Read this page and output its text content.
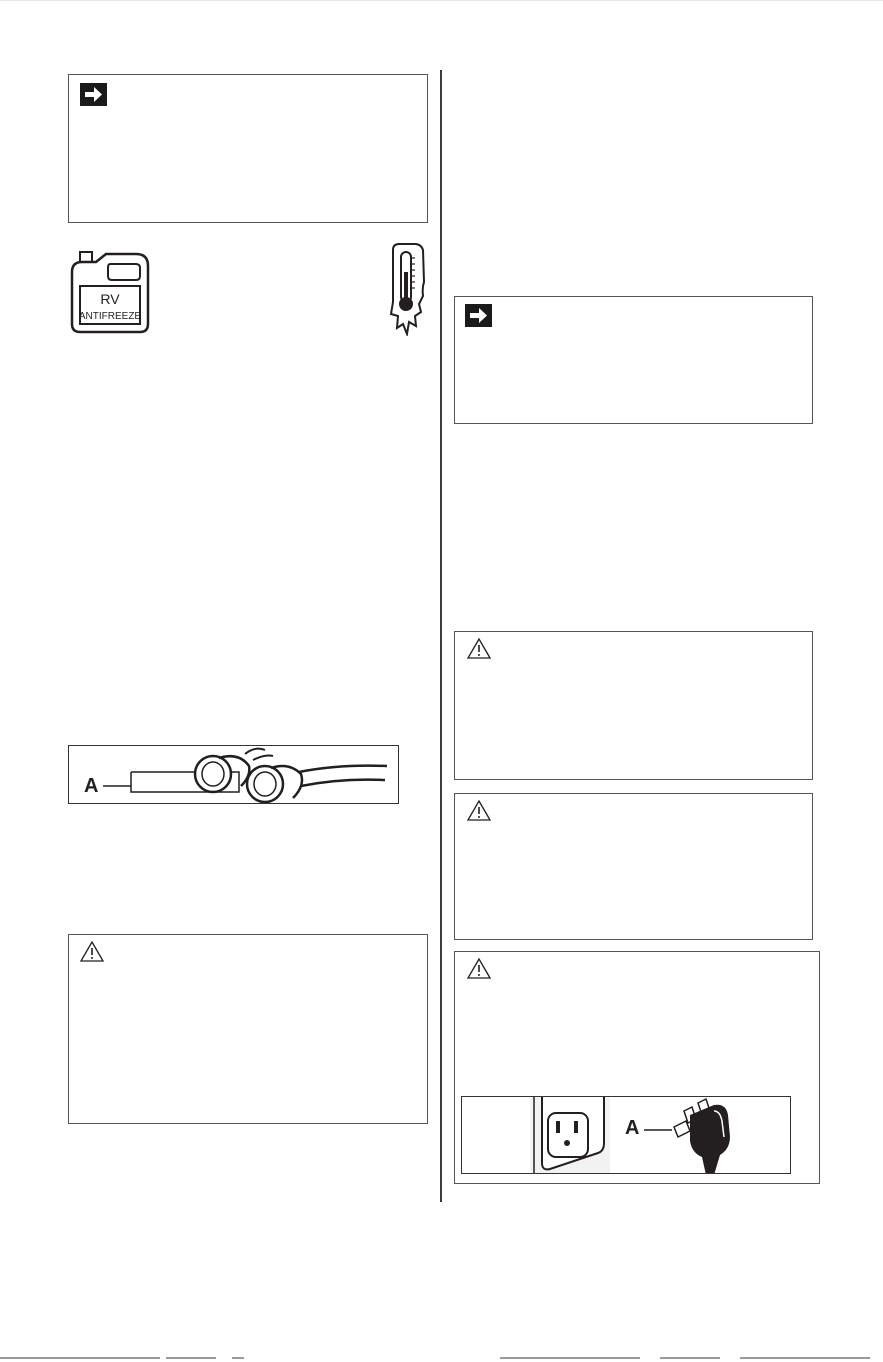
RV
ANTIFREEZE
A
A
